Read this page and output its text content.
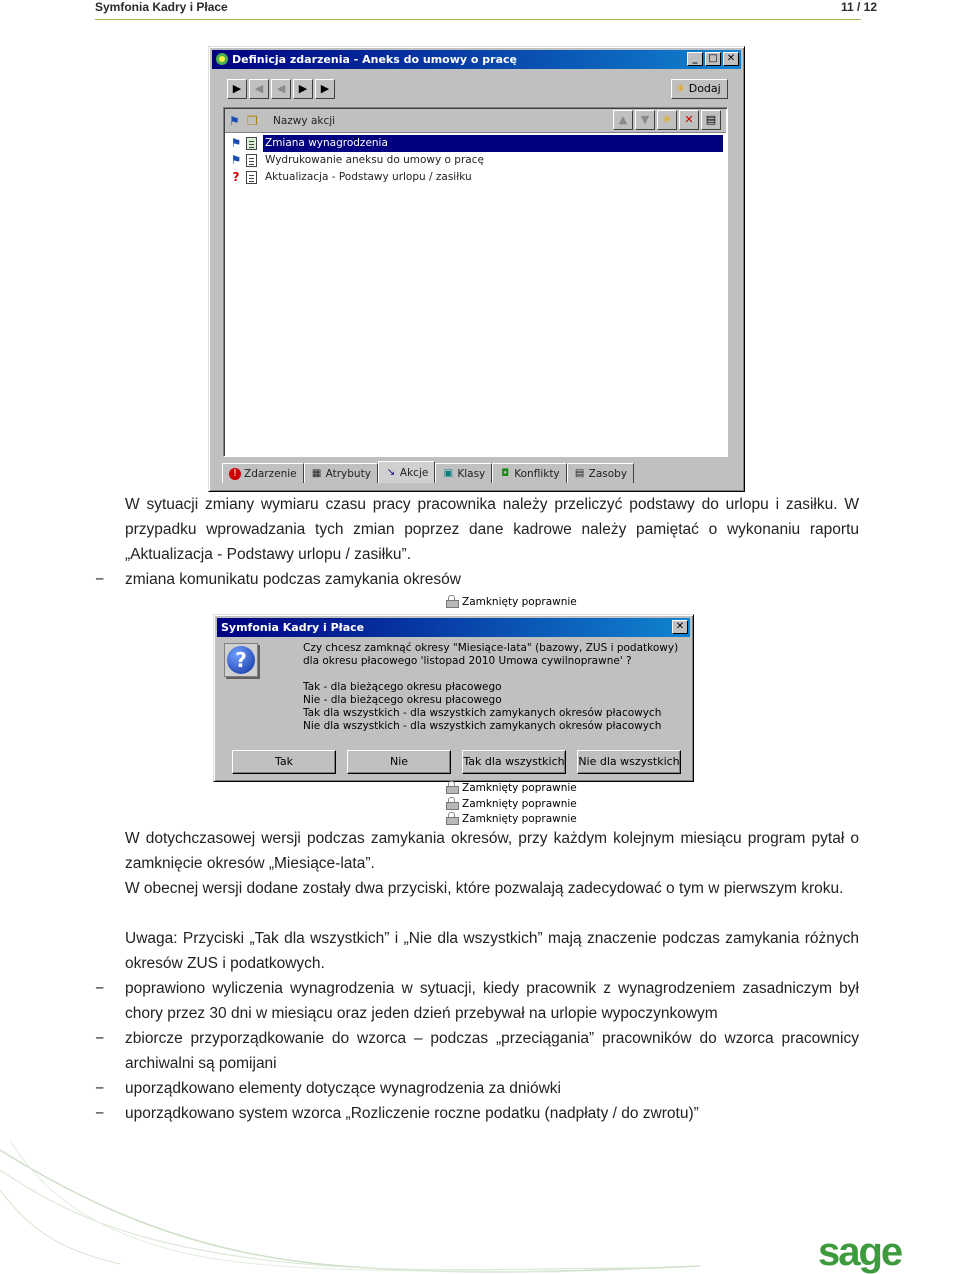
Symfonia Kadry i Płace	11 / 12
Definicja zdarzenia - Aneks do umowy o pracę	_	□ ✕
▶	◀	◀	▶	▶	✳ Dodaj
⚑ ❐	Nazwy akcji	▲	▼	✳	✕	▤
⚑ Zmiana wynagrodzenia
⚑ Wydrukowanie aneksu do umowy o pracę
?	Aktualizacja - Podstawy urlopu / zasiłku
! Zdarzenie ▦ Atrybuty ↘ Akcje ▣ Klasy ◘ Konflikty ▤ Zasoby
W sytuacji zmiany wymiaru czasu pracy pracownika należy przeliczyć podstawy do urlopu i zasiłku. W przypadku wprowadzania tych zmian poprzez dane kadrowe należy pamiętać o wykonaniu raportu „Aktualizacja - Podstawy urlopu / zasiłku”.
− zmiana komunikatu podczas zamykania okresów
Zamknięty poprawnie
Symfonia Kadry i Płace	✕
?	Czy chcesz zamknąć okresy "Miesiące-lata" (bazowy, ZUS i podatkowy)
dla okresu płacowego 'listopad 2010 Umowa cywilnoprawne' ?
Tak - dla bieżącego okresu płacowego
Nie - dla bieżącego okresu płacowego
Tak dla wszystkich - dla wszystkich zamykanych okresów płacowych
Nie dla wszystkich - dla wszystkich zamykanych okresów płacowych
Tak	Nie	Tak dla wszystkich Nie dla wszystkich
Zamknięty poprawnie
Zamknięty poprawnie
Zamknięty poprawnie
W dotychczasowej wersji podczas zamykania okresów, przy każdym kolejnym miesiącu program pytał o zamknięcie okresów „Miesiące-lata”.
W obecnej wersji dodane zostały dwa przyciski, które pozwalają zadecydować o tym w pierwszym kroku.
Uwaga: Przyciski „Tak dla wszystkich” i „Nie dla wszystkich” mają znaczenie podczas zamykania różnych okresów ZUS i podatkowych.
− poprawiono wyliczenia wynagrodzenia w sytuacji, kiedy pracownik z wynagrodzeniem zasadniczym był chory przez 30 dni w miesiącu oraz jeden dzień przebywał na urlopie wypoczynkowym
− zbiorcze przyporządkowanie do wzorca – podczas „przeciągania” pracowników do wzorca pracownicy archiwalni są pomijani
− uporządkowano elementy dotyczące wynagrodzenia za dniówki
− uporządkowano system wzorca „Rozliczenie roczne podatku (nadpłaty / do zwrotu)”
sage
